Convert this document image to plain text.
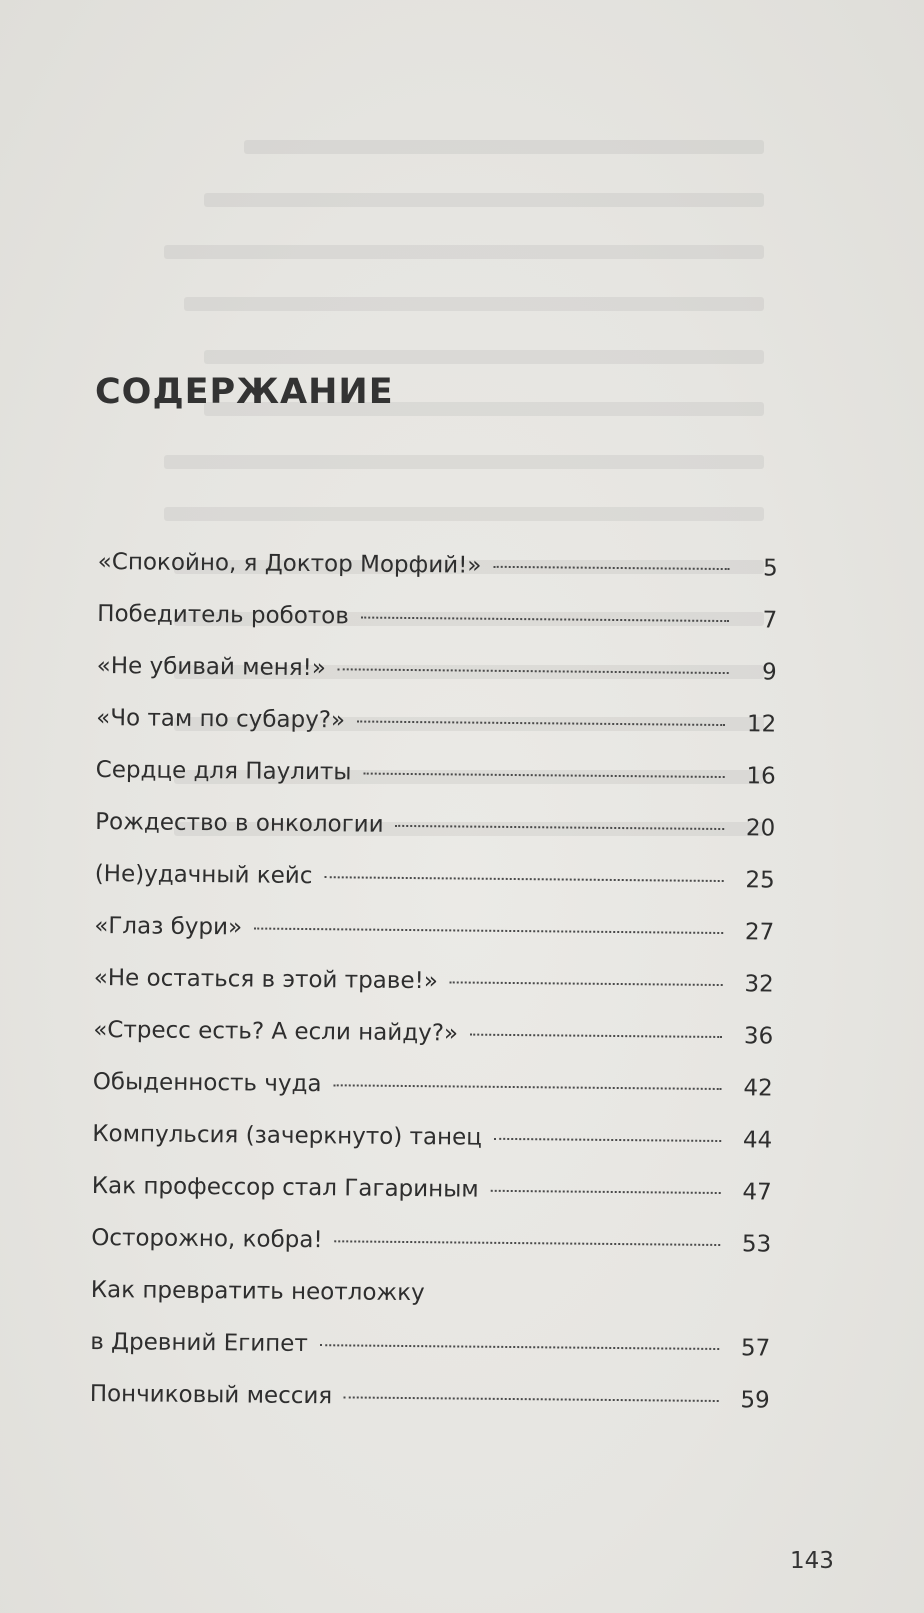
СОДЕРЖАНИЕ
«Спокойно, я Доктор Морфий!»	5
Победитель роботов	7
«Не убивай меня!»	9
«Чо там по субару?»	12
Сердце для Паулиты	16
Рождество в онкологии	20
(Не)удачный кейс	25
«Глаз бури»	27
«Не остаться в этой траве!»	32
«Стресс есть? А если найду?»	36
Обыденность чуда	42
Компульсия (зачеркнуто) танец	44
Как профессор стал Гагариным	47
Осторожно, кобра!	53
Как превратить неотложку
в Древний Египет	57
Пончиковый мессия	59
143
